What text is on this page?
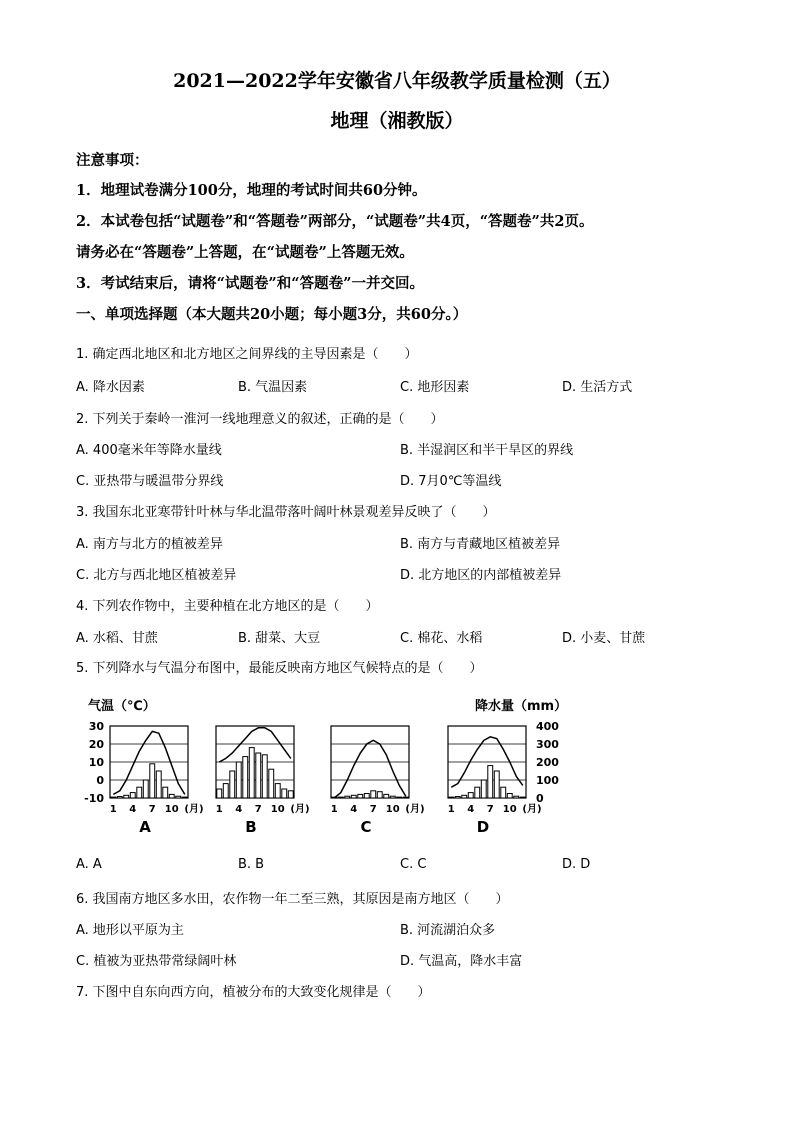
2021—2022学年安徽省八年级教学质量检测（五）
地理（湘教版）
注意事项：
1．地理试卷满分100分，地理的考试时间共60分钟。
2．本试卷包括“试题卷”和“答题卷”两部分，“试题卷”共4页，“答题卷”共2页。
请务必在“答题卷”上答题，在“试题卷”上答题无效。
3．考试结束后，请将“试题卷”和“答题卷”一并交回。
一、单项选择题（本大题共20小题；每小题3分，共60分。）
1. 确定西北地区和北方地区之间界线的主导因素是（　　）
A. 降水因素	B. 气温因素	C. 地形因素	D. 生活方式
2. 下列关于秦岭一淮河一线地理意义的叙述，正确的是（　　）
A. 400毫米年等降水量线	B. 半湿润区和半干旱区的界线
C. 亚热带与暖温带分界线	D. 7月0℃等温线
3. 我国东北亚寒带针叶林与华北温带落叶阔叶林景观差异反映了（　　）
A. 南方与北方的植被差异	B. 南方与青藏地区植被差异
C. 北方与西北地区植被差异	D. 北方地区的内部植被差异
4. 下列农作物中，主要种植在北方地区的是（　　）
A. 水稻、甘蔗	B. 甜菜、大豆	C. 棉花、水稻	D. 小麦、甘蔗
5. 下列降水与气温分布图中，最能反映南方地区气候特点的是（　　）
气温（℃）	降水量（mm）
30
20
10
0
-10
400
300
200
100
0
1 4 7 10 (月)
A
1 4 7 10 (月)
B
1 4 7 10 (月)
C
1 4 7 10 (月)
D
A. A	B. B	C. C	D. D
6. 我国南方地区多水田，农作物一年二至三熟，其原因是南方地区（　　）
A. 地形以平原为主	B. 河流湖泊众多
C. 植被为亚热带常绿阔叶林	D. 气温高，降水丰富
7. 下图中自东向西方向，植被分布的大致变化规律是（　　）
